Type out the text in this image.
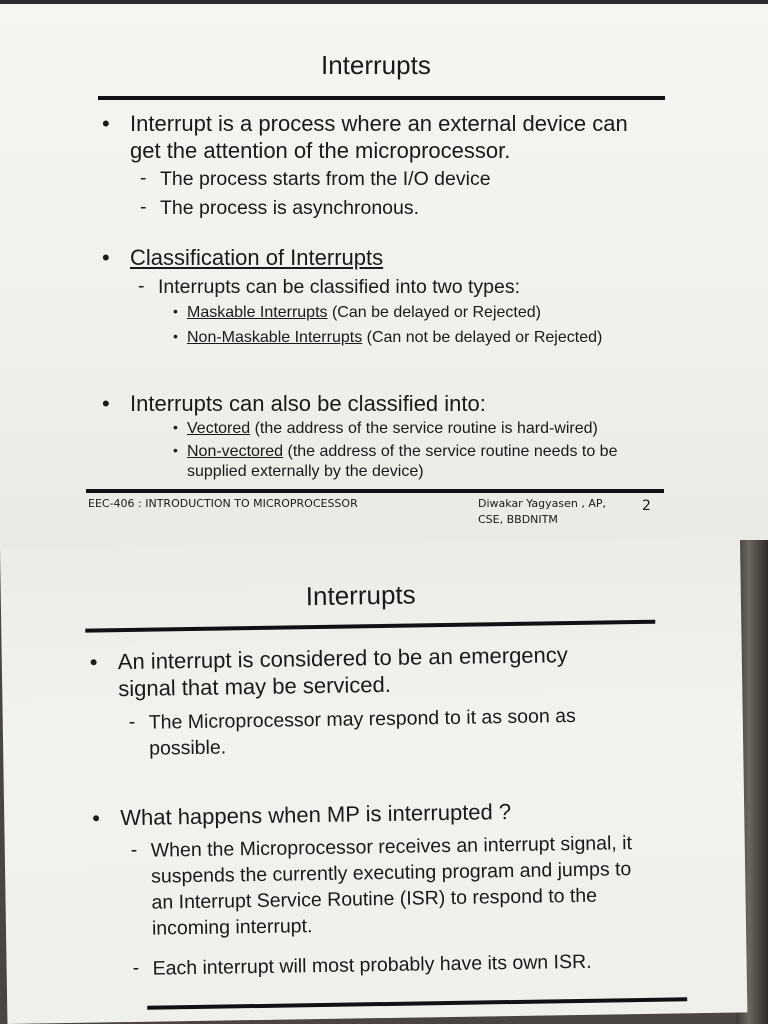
Interrupts
• Interrupt is a process where an external device can get the attention of the microprocessor.
- The process starts from the I/O device
- The process is asynchronous.
• Classification of Interrupts
- Interrupts can be classified into two types:
• Maskable Interrupts (Can be delayed or Rejected)
• Non-Maskable Interrupts (Can not be delayed or Rejected)
• Interrupts can also be classified into:
• Vectored (the address of the service routine is hard-wired)
• Non-vectored (the address of the service routine needs to be supplied externally by the device)
EEC-406 : INTRODUCTION TO MICROPROCESSOR	Diwakar Yagyasen , AP,
CSE, BBDNITM
2
Interrupts
• An interrupt is considered to be an emergency signal that may be serviced.
- The Microprocessor may respond to it as soon as possible.
• What happens when MP is interrupted ?
- When the Microprocessor receives an interrupt signal, it suspends the currently executing program and jumps to an Interrupt Service Routine (ISR) to respond to the incoming interrupt.
- Each interrupt will most probably have its own ISR.
